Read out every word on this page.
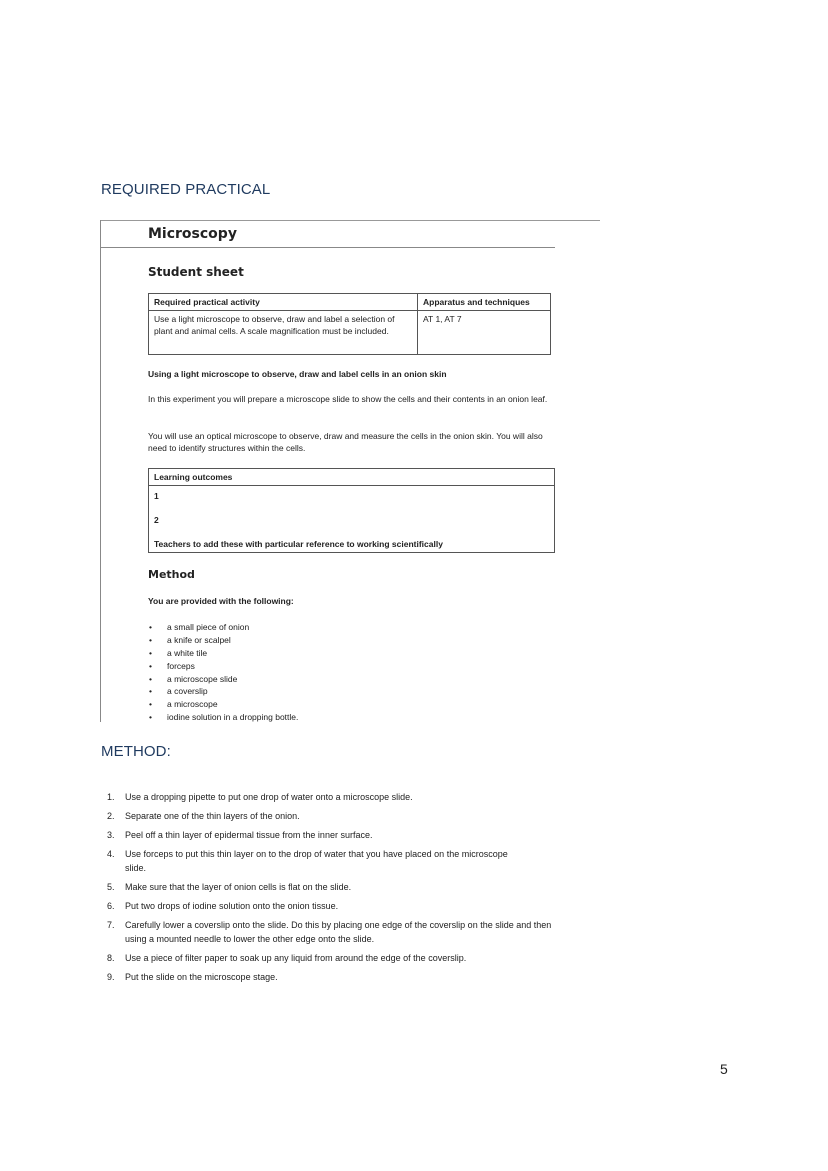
REQUIRED PRACTICAL
Microscopy
Student sheet
Required practical activity	Apparatus and techniques
Use a light microscope to observe, draw and label a selection of plant and animal cells. A scale magnification must be included.	AT 1, AT 7
Using a light microscope to observe, draw and label cells in an onion skin
In this experiment you will prepare a microscope slide to show the cells and their contents in an onion leaf.
You will use an optical microscope to observe, draw and measure the cells in the onion skin. You will also need to identify structures within the cells.
Learning outcomes

1
2
Teachers to add these with particular reference to working scientifically
Method
You are provided with the following:
• a small piece of onion
• a knife or scalpel
• a white tile
• forceps
• a microscope slide
• a coverslip
• a microscope
• iodine solution in a dropping bottle.
METHOD:
1.	Use a dropping pipette to put one drop of water onto a microscope slide.
2.	Separate one of the thin layers of the onion.
3.	Peel off a thin layer of epidermal tissue from the inner surface.
4.	Use forceps to put this thin layer on to the drop of water that you have placed on the microscope slide.
5.	Make sure that the layer of onion cells is flat on the slide.
6.	Put two drops of iodine solution onto the onion tissue.
7.	Carefully lower a coverslip onto the slide. Do this by placing one edge of the coverslip on the slide and then using a mounted needle to lower the other edge onto the slide.
8.	Use a piece of filter paper to soak up any liquid from around the edge of the coverslip.
9.	Put the slide on the microscope stage.
5
